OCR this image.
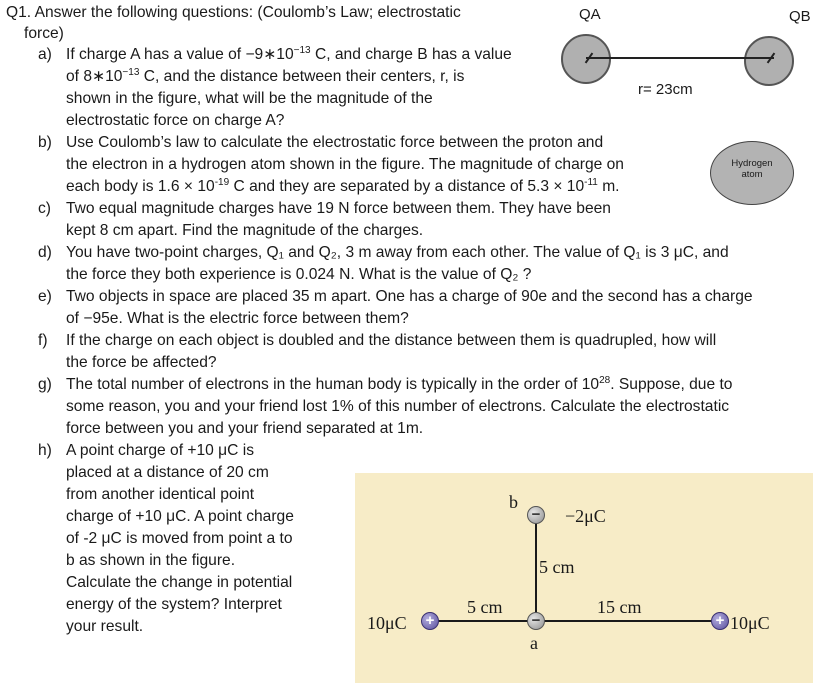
Q1. Answer the following questions: (Coulomb’s Law; electrostatic
force)
a) If charge A has a value of $-9∗10^{-13}$ C, and charge B has a value
of $8∗10^{-13}$ C, and the distance between their centers, r, is
shown in the figure, what will be the magnitude of the
electrostatic force on charge A?
b) Use Coulomb’s law to calculate the electrostatic force between the proton and
the electron in a hydrogen atom shown in the figure. The magnitude of charge on
each body is $1.6 \times 10^{-19}$ C and they are separated by a distance of $5.3 \times 10^{-11}$ m.
c) Two equal magnitude charges have 19 N force between them. They have been
kept 8 cm apart. Find the magnitude of the charges.
d) You have two-point charges, Q₁ and Q₂, 3 m away from each other. The value of Q₁ is 3 μC, and
the force they both experience is 0.024 N. What is the value of Q₂ ?
e) Two objects in space are placed 35 m apart. One has a charge of 90e and the second has a charge
of −95e. What is the electric force between them?
f) If the charge on each object is doubled and the distance between them is quadrupled, how will
the force be affected?
g) The total number of electrons in the human body is typically in the order of $10^{28}$. Suppose, due to
some reason, you and your friend lost 1% of this number of electrons. Calculate the electrostatic
force between you and your friend separated at 1m.
h) A point charge of +10 μC is
placed at a distance of 20 cm
from another identical point
charge of +10 μC. A point charge
of -2 μC is moved from point a to
b as shown in the figure.
Calculate the change in potential
energy of the system? Interpret
your result.
QA	QB
r= 23cm
Hydrogen
atom
b
− −2μC
5 cm
−
a
10μC	+
5 cm	15 cm
+ 10μC
